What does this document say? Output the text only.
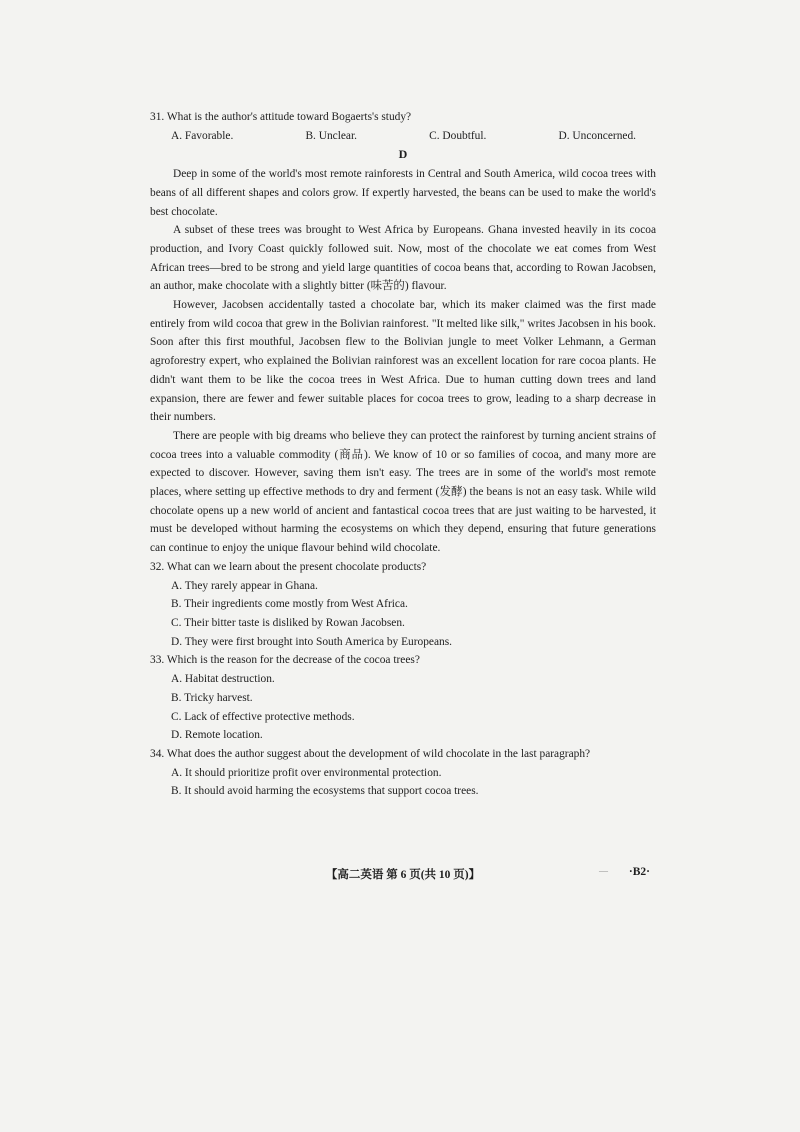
31. What is the author's attitude toward Bogaerts's study?
A. Favorable.	B. Unclear.	C. Doubtful.	D. Unconcerned.
D

Deep in some of the world's most remote rainforests in Central and South America, wild cocoa trees with beans of all different shapes and colors grow. If expertly harvested, the beans can be used to make the world's best chocolate.

A subset of these trees was brought to West Africa by Europeans. Ghana invested heavily in its cocoa production, and Ivory Coast quickly followed suit. Now, most of the chocolate we eat comes from West African trees—bred to be strong and yield large quantities of cocoa beans that, according to Rowan Jacobsen, an author, make chocolate with a slightly bitter (味苦的) flavour.

However, Jacobsen accidentally tasted a chocolate bar, which its maker claimed was the first made entirely from wild cocoa that grew in the Bolivian rainforest. "It melted like silk," writes Jacobsen in his book. Soon after this first mouthful, Jacobsen flew to the Bolivian jungle to meet Volker Lehmann, a German agroforestry expert, who explained the Bolivian rainforest was an excellent location for rare cocoa plants. He didn't want them to be like the cocoa trees in West Africa. Due to human cutting down trees and land expansion, there are fewer and fewer suitable places for cocoa trees to grow, leading to a sharp decrease in their numbers.

There are people with big dreams who believe they can protect the rainforest by turning ancient strains of cocoa trees into a valuable commodity (商品). We know of 10 or so families of cocoa, and many more are expected to discover. However, saving them isn't easy. The trees are in some of the world's most remote places, where setting up effective methods to dry and ferment (发酵) the beans is not an easy task. While wild chocolate opens up a new world of ancient and fantastical cocoa trees that are just waiting to be harvested, it must be developed without harming the ecosystems on which they depend, ensuring that future generations can continue to enjoy the unique flavour behind wild chocolate.

32. What can we learn about the present chocolate products?
A. They rarely appear in Ghana.
B. Their ingredients come mostly from West Africa.
C. Their bitter taste is disliked by Rowan Jacobsen.
D. They were first brought into South America by Europeans.
33. Which is the reason for the decrease of the cocoa trees?
A. Habitat destruction.
B. Tricky harvest.
C. Lack of effective protective methods.
D. Remote location.
34. What does the author suggest about the development of wild chocolate in the last paragraph?
A. It should prioritize profit over environmental protection.
B. It should avoid harming the ecosystems that support cocoa trees.
【高二英语 第 6 页(共 10 页)】	— ·B2·
